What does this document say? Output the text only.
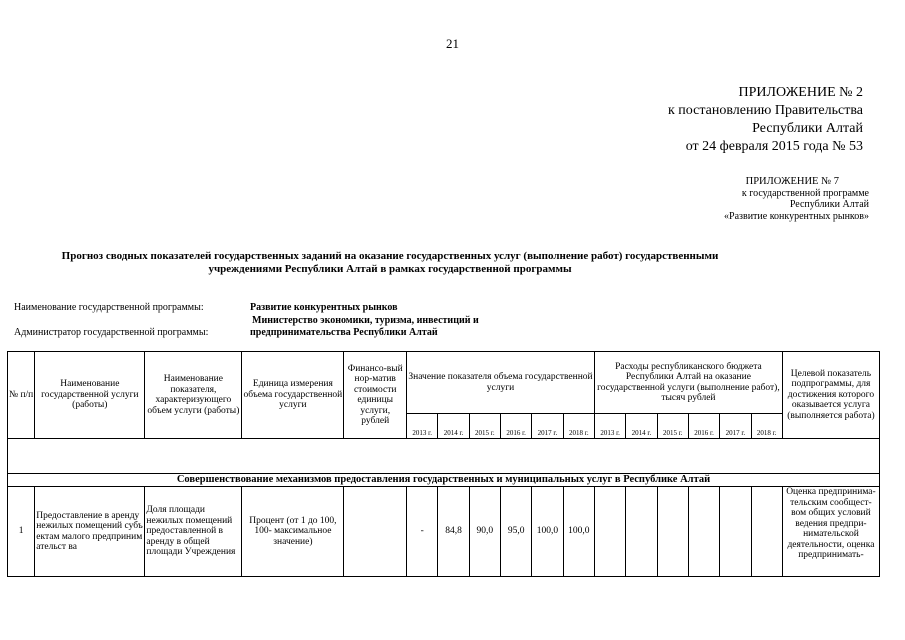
21
ПРИЛОЖЕНИЕ № 2
к постановлению Правительства
Республики Алтай
от 24 февраля 2015 года № 53
ПРИЛОЖЕНИЕ № 7
к государственной программе
Республики Алтай
«Развитие конкурентных рынков»
Прогноз сводных показателей государственных заданий на оказание государственных услуг (выполнение работ) государственными
учреждениями Республики Алтай в рамках государственной программы
Наименование государственной программы:	Развитие конкурентных рынков
Министерство экономики, туризма, инвестиций и
Администратор государственной программы:	предпринимательства Республики Алтай
№ п/п	Наименование государственной услуги (работы)	Наименование показателя, характеризующего объем услуги (работы)	Единица измерения объема государственной услуги	Финансо-вый нор-матив стоимости единицы услуги, рублей	Значение показателя объема государственной услуги						Расходы республиканского бюджета Республики Алтай на оказание государственной услуги (выполнение работ), тысяч рублей						Целевой показатель подпрограммы, для достижения которого оказывается услуга (выполняется работа)
					2013 г.	2014 г.	2015 г.	2016 г.	2017 г.	2018 г.	2013 г.	2014 г.	2015 г.	2016 г.	2017 г.	2018 г.	

Совершенствование механизмов предоставления государственных и муниципальных услуг в Республике Алтай																	
1	Предоставление в аренду нежилых помещений субъектам малого предпринимательст ва	Доля площади нежилых помещений предоставленной в аренду в общей площади Учреждения	Процент (от 1 до 100, 100- максимальное значение)		-	84,8	90,0	95,0	100,0	100,0							Оценка предпринима-тельским сообщест-вом общих условий ведения предпри-нимательской деятельности, оценка предпринимать-
